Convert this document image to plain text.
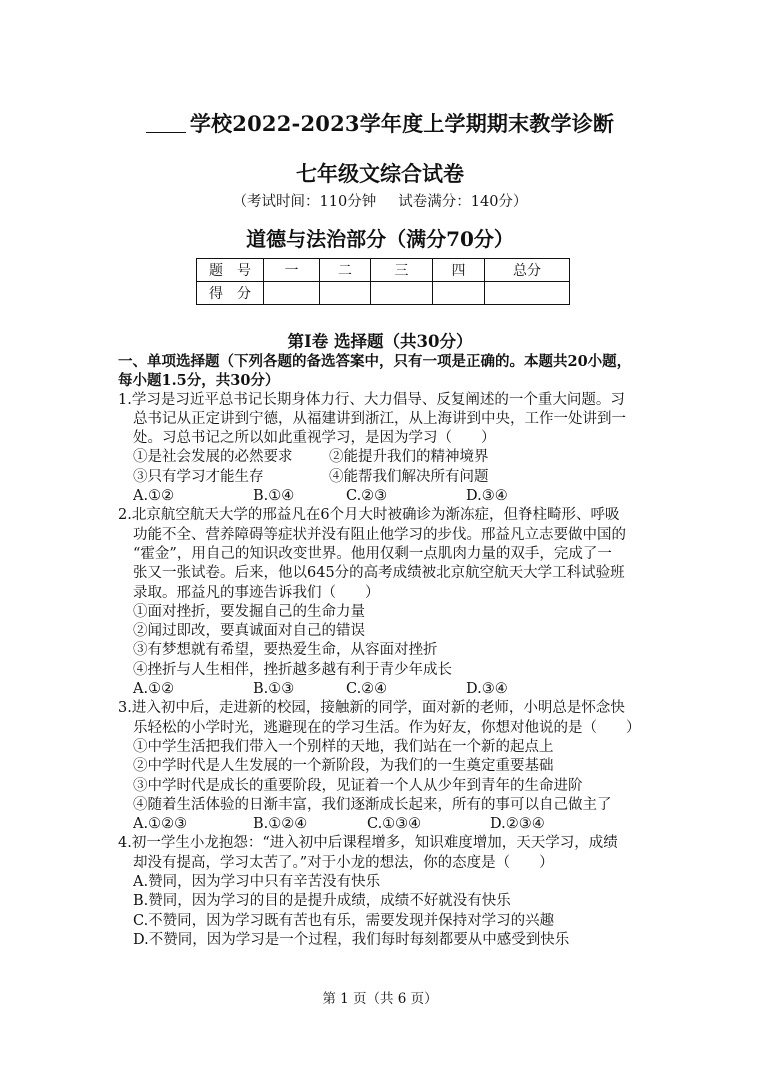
学校2022-2023学年度上学期期末教学诊断
七年级文综合试卷
（考试时间：110分钟 试卷满分：140分）
道德与法治部分（满分70分）
题　号	一	二	三	四	总分
得　分					
第Ⅰ卷 选择题（共30分）

一、单项选择题（下列各题的备选答案中，只有一项是正确的。本题共20小题，

每小题1.5分，共30分）

1.学习是习近平总书记长期身体力行、大力倡导、反复阐述的一个重大问题。习

总书记从正定讲到宁德，从福建讲到浙江，从上海讲到中央，工作一处讲到一

处。习总书记之所以如此重视学习，是因为学习（　　）

①是社会发展的必然要求	②能提升我们的精神境界

③只有学习才能生存	④能帮我们解决所有问题

A.①②	B.①④	C.②③	D.③④

2.北京航空航天大学的邢益凡在6个月大时被确诊为渐冻症，但脊柱畸形、呼吸

功能不全、营养障碍等症状并没有阻止他学习的步伐。邢益凡立志要做中国的

“霍金”，用自己的知识改变世界。他用仅剩一点肌肉力量的双手，完成了一

张又一张试卷。后来，他以645分的高考成绩被北京航空航天大学工科试验班

录取。邢益凡的事迹告诉我们（　　）

①面对挫折，要发掘自己的生命力量

②闻过即改，要真诚面对自己的错误

③有梦想就有希望，要热爱生命，从容面对挫折

④挫折与人生相伴，挫折越多越有利于青少年成长

A.①②	B.①③	C.②④	D.③④

3.进入初中后，走进新的校园，接触新的同学，面对新的老师，小明总是怀念快

乐轻松的小学时光，逃避现在的学习生活。作为好友，你想对他说的是（　　）

①中学生活把我们带入一个别样的天地，我们站在一个新的起点上

②中学时代是人生发展的一个新阶段，为我们的一生奠定重要基础

③中学时代是成长的重要阶段，见证着一个人从少年到青年的生命进阶

④随着生活体验的日渐丰富，我们逐渐成长起来，所有的事可以自己做主了

A.①②③	B.①②④	C.①③④	D.②③④

4.初一学生小龙抱怨：“进入初中后课程增多，知识难度增加，天天学习，成绩

却没有提高，学习太苦了。”对于小龙的想法，你的态度是（　　）

A.赞同，因为学习中只有辛苦没有快乐

B.赞同，因为学习的目的是提升成绩，成绩不好就没有快乐

C.不赞同，因为学习既有苦也有乐，需要发现并保持对学习的兴趣

D.不赞同，因为学习是一个过程，我们每时每刻都要从中感受到快乐

第 1 页（共 6 页）
